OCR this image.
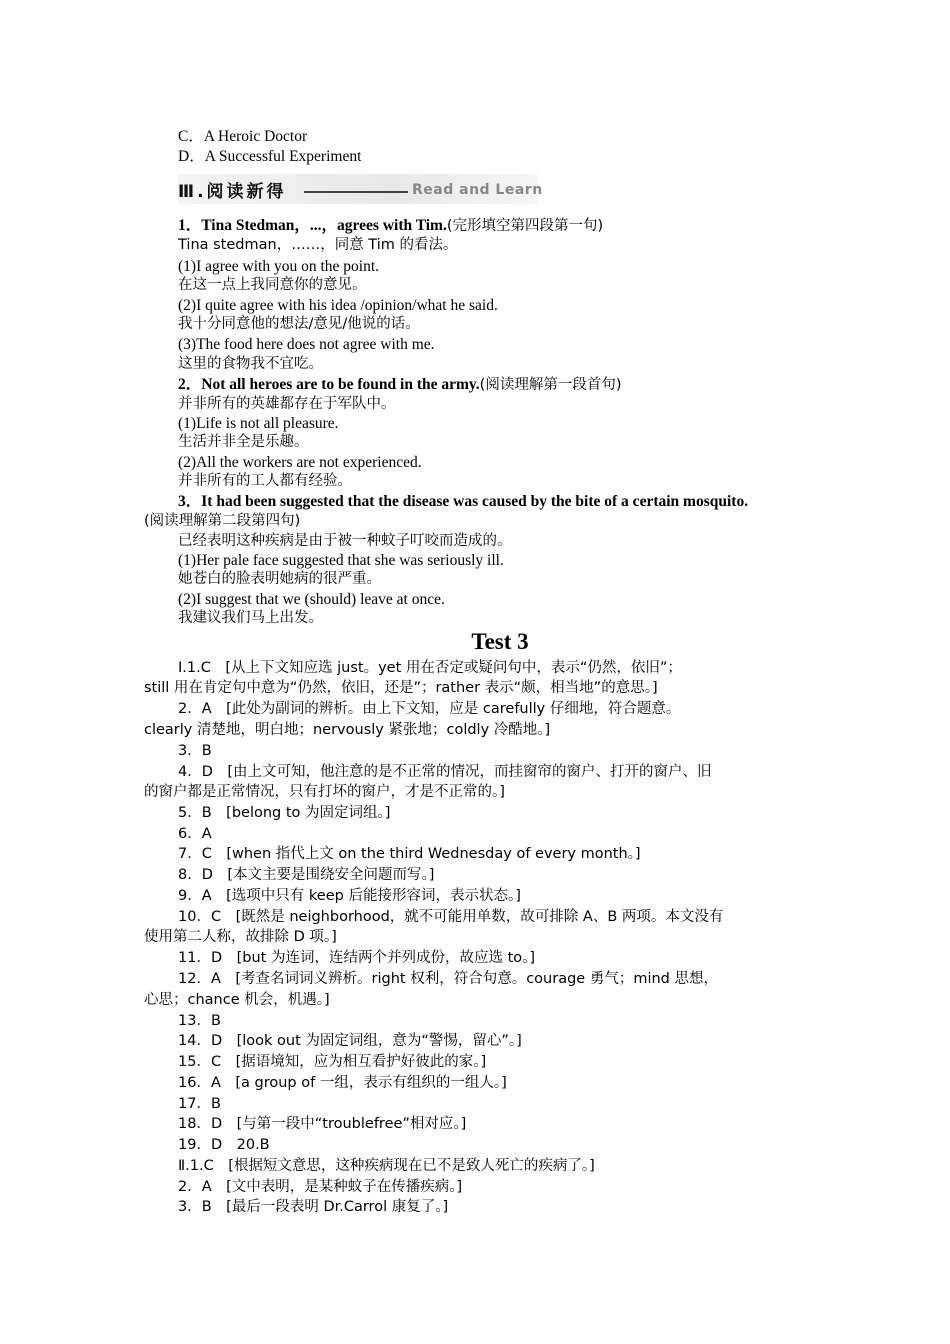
C．A Heroic Doctor
D．A Successful Experiment
Ⅲ.阅读新得	Read and Learn
1．Tina Stedman，...，agrees with Tim.(完形填空第四段第一句)
Tina stedman，……，同意 Tim 的看法。
(1)I agree with you on the point.
在这一点上我同意你的意见。
(2)I quite agree with his idea /opinion/what he said.
我十分同意他的想法/意见/他说的话。
(3)The food here does not agree with me.
这里的食物我不宜吃。
2．Not all heroes are to be found in the army.(阅读理解第一段首句)
并非所有的英雄都存在于军队中。
(1)Life is not all pleasure.
生活并非全是乐趣。
(2)All the workers are not experienced.
并非所有的工人都有经验。
3．It had been suggested that the disease was caused by the bite of a certain mosquito.
(阅读理解第二段第四句)
已经表明这种疾病是由于被一种蚊子叮咬而造成的。
(1)Her pale face suggested that she was seriously ill.
她苍白的脸表明她病的很严重。
(2)I suggest that we (should) leave at once.
我建议我们马上出发。
Test 3
Ⅰ.1.C　[从上下文知应选 just。yet 用在否定或疑问句中，表示“仍然，依旧”；
still 用在肯定句中意为“仍然，依旧，还是”；rather 表示“颇，相当地”的意思。]
2．A　[此处为副词的辨析。由上下文知，应是 carefully 仔细地，符合题意。
clearly 清楚地，明白地；nervously 紧张地；coldly 冷酷地。]
3．B
4．D　[由上文可知，他注意的是不正常的情况，而挂窗帘的窗户、打开的窗户、旧
的窗户都是正常情况，只有打坏的窗户，才是不正常的。]
5．B　[belong to 为固定词组。]
6．A
7．C　[when 指代上文 on the third Wednesday of every month。]
8．D　[本文主要是围绕安全问题而写。]
9．A　[选项中只有 keep 后能接形容词，表示状态。]
10．C　[既然是 neighborhood，就不可能用单数，故可排除 A、B 两项。本文没有
使用第二人称，故排除 D 项。]
11．D　[but 为连词，连结两个并列成份，故应选 to。]
12．A　[考查名词词义辨析。right 权利，符合句意。courage 勇气；mind 思想，
心思；chance 机会，机遇。]
13．B
14．D　[look out 为固定词组，意为“警惕，留心”。]
15．C　[据语境知，应为相互看护好彼此的家。]
16．A　[a group of 一组，表示有组织的一组人。]
17．B
18．D　[与第一段中“troublefree”相对应。]
19．D　20.B
Ⅱ.1.C　[根据短文意思，这种疾病现在已不是致人死亡的疾病了。]
2．A　[文中表明，是某种蚊子在传播疾病。]
3．B　[最后一段表明 Dr.Carrol 康复了。]
